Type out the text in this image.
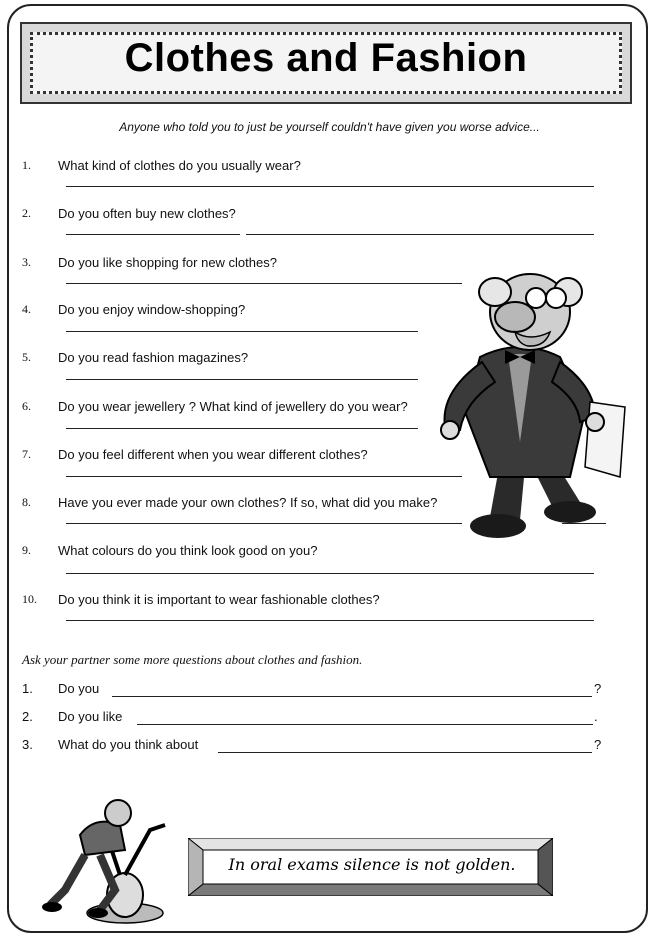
Clothes and Fashion
Anyone who told you to just be yourself couldn't have given you worse advice...
1.	What kind of clothes do you usually wear?
2.	Do you often buy new clothes?
3.	Do you like shopping for new clothes?
4.	Do you enjoy window-shopping?
5.	Do you read fashion magazines?
6.	Do you wear jewellery ? What kind of jewellery do you wear?
7.	Do you feel different when you wear different clothes?
8.	Have you ever made your own clothes? If so, what did you make?
9.	What colours do you think look good on you?
10.	Do you think it is important to wear fashionable clothes?
Ask your partner some more questions about clothes and fashion.
1. Do you	?
2. Do you like	.
3. What do you think about	?
In oral exams silence is not golden.
